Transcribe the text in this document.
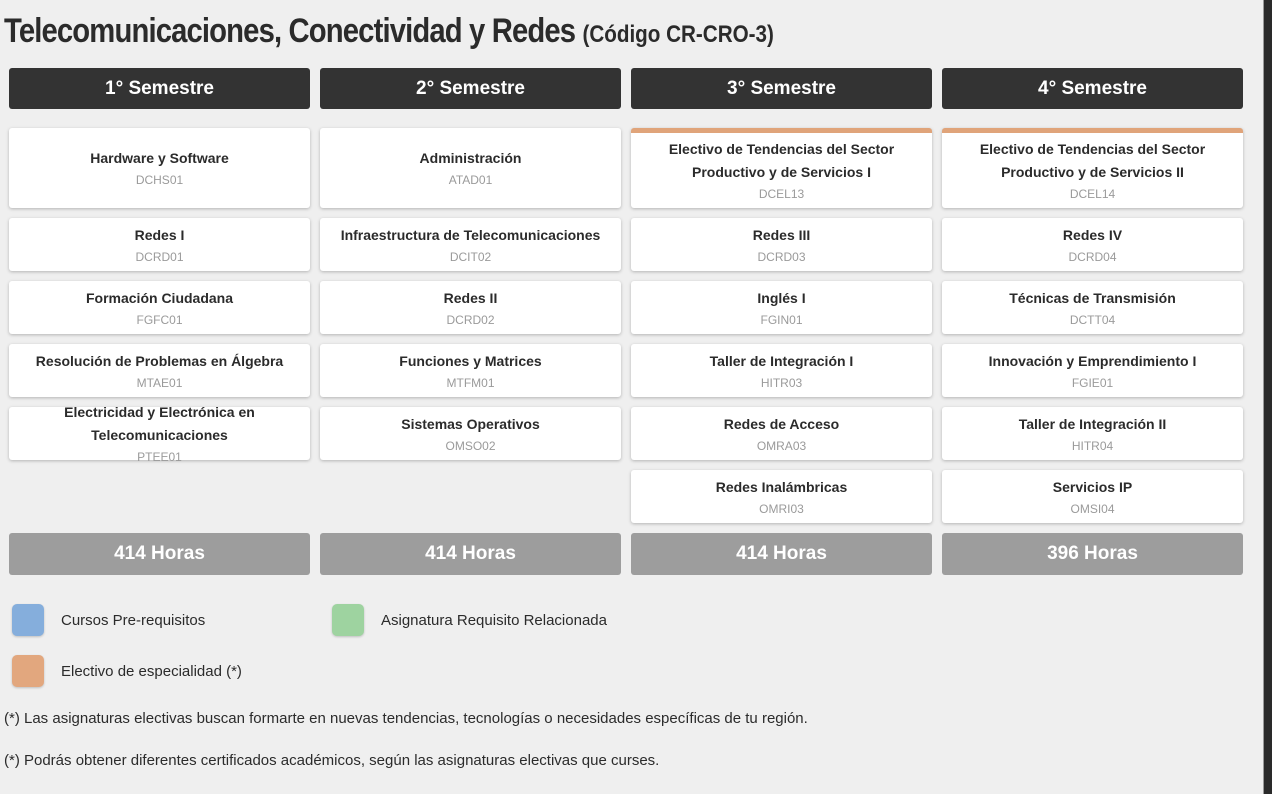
Telecomunicaciones, Conectividad y Redes (Código CR-CRO-3)
1° Semestre
414 Horas
Hardware y Software
DCHS01
Redes I
DCRD01
Formación Ciudadana
FGFC01
Resolución de Problemas en Álgebra
MTAE01
Electricidad y Electrónica en Telecomunicaciones
PTEE01
2° Semestre
414 Horas
Administración
ATAD01
Infraestructura de Telecomunicaciones
DCIT02
Redes II
DCRD02
Funciones y Matrices
MTFM01
Sistemas Operativos
OMSO02
3° Semestre
414 Horas
Electivo de Tendencias del Sector Productivo y de Servicios I
DCEL13
Redes III
DCRD03
Inglés I
FGIN01
Taller de Integración I
HITR03
Redes de Acceso
OMRA03
Redes Inalámbricas
OMRI03
4° Semestre
396 Horas
Electivo de Tendencias del Sector Productivo y de Servicios II
DCEL14
Redes IV
DCRD04
Técnicas de Transmisión
DCTT04
Innovación y Emprendimiento I
FGIE01
Taller de Integración II
HITR04
Servicios IP
OMSI04
Cursos Pre-requisitos	Asignatura Requisito Relacionada
Electivo de especialidad (*)
(*) Las asignaturas electivas buscan formarte en nuevas tendencias, tecnologías o necesidades específicas de tu región.
(*) Podrás obtener diferentes certificados académicos, según las asignaturas electivas que curses.
